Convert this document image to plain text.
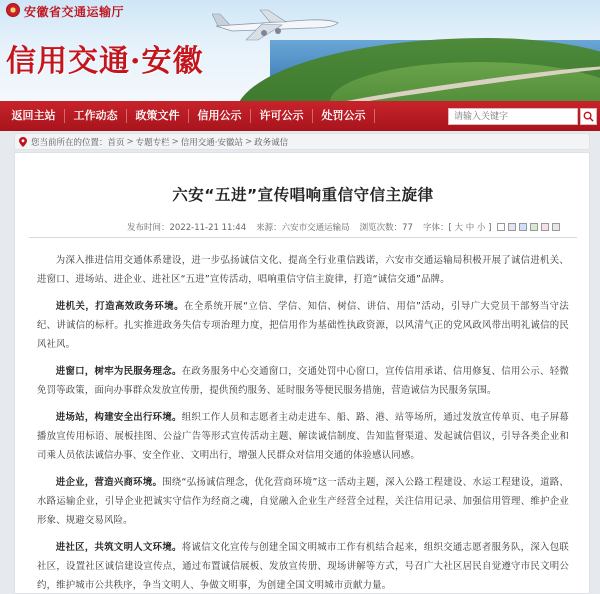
安徽省交通运输厅
信用交通·安徽
返回主站	工作动态	政策文件	信用公示	许可公示	处罚公示
请输入关键字
您当前所在的位置： 首页 > 专题专栏 > 信用交通·安徽站 > 政务诚信
六安“五进”宣传唱响重信守信主旋律
发布时间：2022-11-21 11:44 来源：六安市交通运输局 浏览次数：77 字体： [ 大 中 小 ]

为深入推进信用交通体系建设，进一步弘扬诚信文化、提高全行业重信践诺，六安市交通运输局积极开展了诚信进机关、进窗口、进场站、进企业、进社区“五进”宣传活动，唱响重信守信主旋律，打造“诚信交通”品牌。

进机关，打造高效政务环境。在全系统开展“立信、学信、知信、树信、讲信、用信”活动，引导广大党员干部努当守法纪、讲诚信的标杆。扎实推进政务失信专项治理力度，把信用作为基础性执政资源，以风清气正的党风政风带出明礼诚信的民风社风。

进窗口，树牢为民服务理念。在政务服务中心交通窗口，交通处罚中心窗口，宣传信用承诺、信用修复、信用公示、轻微免罚等政策，面向办事群众发放宣传册，提供预约服务、延时服务等便民服务措施，营造诚信为民服务氛围。

进场站，构建安全出行环境。组织工作人员和志愿者主动走进车、船、路、港、站等场所，通过发放宣传单页、电子屏幕播放宣传用标语、展板挂图、公益广告等形式宣传活动主题、解读诚信制度、告知监督渠道、发起诚信倡议，引导各类企业和司乘人员依法诚信办事、安全作业、文明出行，增强人民群众对信用交通的体验感认同感。

进企业，营造兴商环境。围绕“弘扬诚信理念，优化营商环境”这一活动主题，深入公路工程建设、水运工程建设，道路、水路运输企业，引导企业把诚实守信作为经商之魂，自觉融入企业生产经营全过程，关注信用记录、加强信用管理、维护企业形象、规避交易风险。

进社区，共筑文明人文环境。将诚信文化宣传与创建全国文明城市工作有机结合起来，组织交通志愿者服务队，深入包联社区，设置社区诚信建设宣传点，通过布置诚信展板、发放宣传册、现场讲解等方式，号召广大社区居民自觉遵守市民文明公约，维护城市公共秩序，争当文明人、争做文明事，为创建全国文明城市贡献力量。
